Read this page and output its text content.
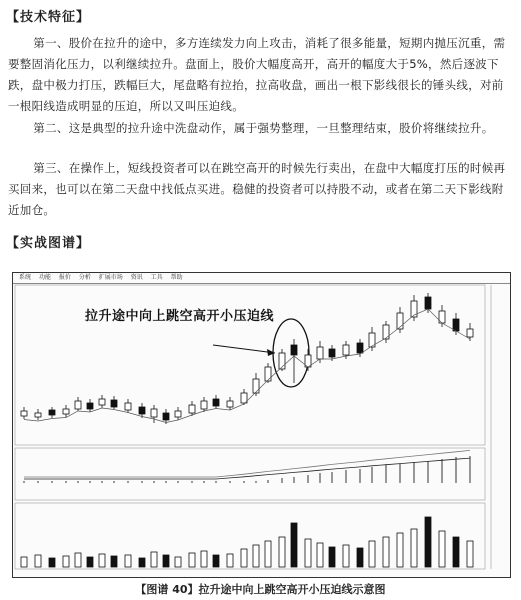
【技术特征】
第一、股价在拉升的途中，多方连续发力向上攻击，消耗了很多能量，短期内抛压沉重，需要整固消化压力，以利继续拉升。盘面上，股价大幅度高开，高开的幅度大于5%，然后逐波下跌，盘中极力打压，跌幅巨大，尾盘略有拉抬，拉高收盘，画出一根下影线很长的锤头线，对前一根阳线造成明显的压迫，所以又叫压迫线。
第二、这是典型的拉升途中洗盘动作，属于强势整理，一旦整理结束，股价将继续拉升。
第三、在操作上，短线投资者可以在跳空高开的时候先行卖出，在盘中大幅度打压的时候再买回来，也可以在第二天盘中找低点买进。稳健的投资者可以持股不动，或者在第二天下影线附近加仓。
【实战图谱】
系统 功能 报价 分析 扩展市场 资讯 工具 帮助
拉升途中向上跳空高开小压迫线
【图谱 40】拉升途中向上跳空高开小压迫线示意图
